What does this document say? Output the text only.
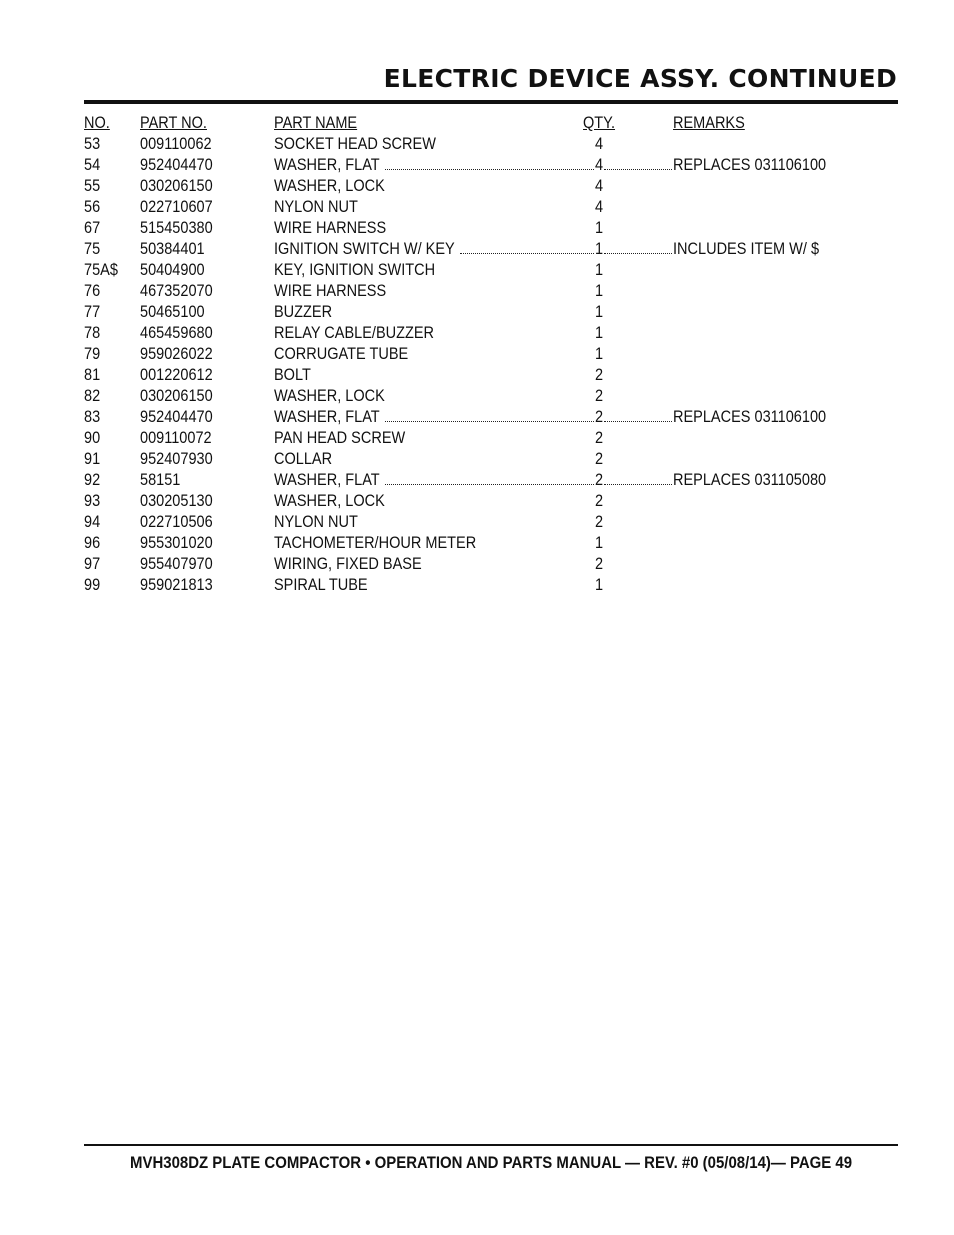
ELECTRIC DEVICE ASSY. CONTINUED
NO. PART NO.	PART NAME	QTY.	REMARKS
53 009110062	SOCKET HEAD SCREW	4
54 952404470	WASHER, FLAT	4	REPLACES 031106100
55 030206150	WASHER, LOCK	4
56 022710607	NYLON NUT	4
67 515450380	WIRE HARNESS	1
75 50384401	IGNITION SWITCH W/ KEY	1	INCLUDES ITEM W/ $
75A$ 50404900	KEY, IGNITION SWITCH	1
76 467352070	WIRE HARNESS	1
77 50465100	BUZZER	1
78 465459680	RELAY CABLE/BUZZER	1
79 959026022	CORRUGATE TUBE	1
81 001220612	BOLT	2
82 030206150	WASHER, LOCK	2
83 952404470	WASHER, FLAT	2	REPLACES 031106100
90 009110072	PAN HEAD SCREW	2
91 952407930	COLLAR	2
92 58151	WASHER, FLAT	2	REPLACES 031105080
93 030205130	WASHER, LOCK	2
94 022710506	NYLON NUT	2
96 955301020	TACHOMETER/HOUR METER	1
97 955407970	WIRING, FIXED BASE	2
99 959021813	SPIRAL TUBE	1
MVH308DZ PLATE COMPACTOR • OPERATION AND PARTS MANUAL — REV. #0 (05/08/14)— PAGE 49
